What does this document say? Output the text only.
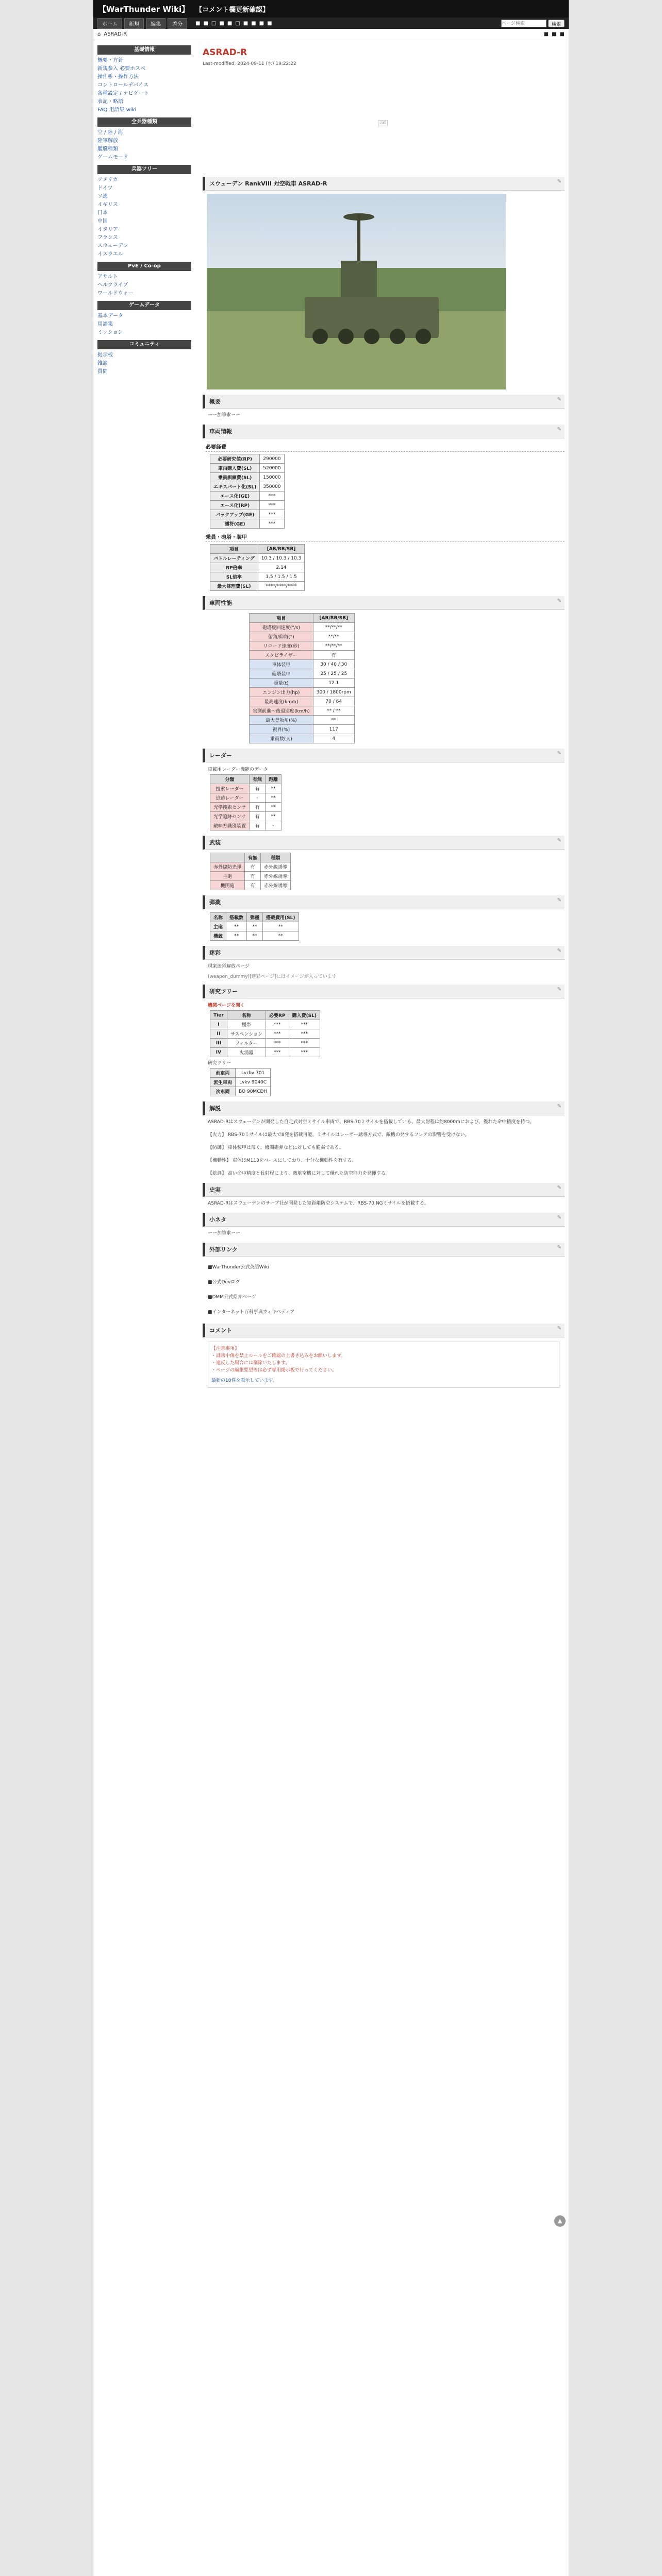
【WarThunder Wiki】 【コメント欄更新確認】
ホーム	新規	編集	差分	■ ■ □ ■ ■ □ ■ ■ ■ ■
ページ検索	検索
⌂ ASRAD-R	■ ■ ■
基礎情報
概要・方針
新規参入 必要ホスペ
操作系・操作方法
コントロールデバイス
各種設定 / ナビゲート
表記・略語
FAQ 用語集 wiki
全兵器種類
空 / 陸 / 海
陸軍解放
艦艇種類
ゲームモード
兵器ツリー
アメリカ
ドイツ
ソ連
イギリス
日本
中国
イタリア
フランス
スウェーデン
イスラエル
PvE / Co-op
アサルト
ヘルクライブ
ワールドウォー
ゲームデータ
基本データ
用語集
ミッション
コミュニティ
掲示板
雑談
質問
ASRAD-R
Last-modified: 2024-09-11 (水) 19:22:22
ad
スウェーデン RankVIII 対空戦車 ASRAD-R	✎
概要	✎
ーー加筆求ーー
車両情報	✎
必要経費
必要研究値(RP)	290000
車両購入費(SL)	520000
乗員訓練費(SL)	150000
エキスパート化(SL)	350000
エース化(GE)	***
エース化(RP)	***
バックアップ(GE)	***
護符(GE)	***
乗員・砲塔・装甲
項目	[AB/RB/SB]
バトルレーティング	10.3 / 10.3 / 10.3
RP倍率	2.14
SL倍率	1.5 / 1.5 / 1.5
最大修理費(SL)	****/****/****
車両性能	✎
項目	[AB/RB/SB]
砲塔旋回速度(°/s)	**/**/**
俯角/仰角(°)	**/**
リロード速度(秒)	**/**/**
スタビライザー	有
車体装甲	30 / 40 / 30
砲塔装甲	25 / 25 / 25
重量(t)	12.1
エンジン出力(hp)	300 / 1800rpm
最高速度(km/h)	70 / 64
実測前進～後退速度(km/h)	** / **
最大登坂角(%)	**
視界(%)	117
乗員数(人)	4
レーダー	✎
車載用レーダー機能のデータ
分類	有無	距離
捜索レーダー	有	**
追跡レーダー	-	**
光学捜索センサ	有	**
光学追跡センサ	有	**
敵味方識別装置	有	-
武装	✎
	有無	種類
赤外線防光弾	有	赤外線誘導
主砲	有	赤外線誘導
機関砲	有	赤外線誘導
弾薬	✎
名称	搭載数	弾種	搭載費用(SL)
主砲	**	**	**
機銃	**	**	**
迷彩	✎
現家迷彩解放ページ
(weapon_dummy)[迷彩ページ]にはイメージが入っています
研究ツリー	✎
機関ページを開く
Tier	名称	必要RP	購入費(SL)
I	履帯	***	***
II	サスペンション	***	***
III	フィルター	***	***
IV	火消器	***	***
研究ツリー
前車両	Lvrbv 701
派生車両	Lvkv 9040C
次車両	BO 90MCDH
解説	✎
ASRAD-Rはスウェーデンが開発した自走式対空ミサイル車両で、RBS-70ミサイルを搭載している。最大射程は約8000mにおよび、優れた命中精度を持つ。
【火力】 RBS-70ミサイルは最大で8発を搭載可能。ミサイルはレーザー誘導方式で、敵機の発するフレアの影響を受けない。
【防御】 車体装甲は薄く、機関砲弾などに対しても脆弱である。
【機動性】 車体はM113をベースにしており、十分な機動性を有する。
【総評】 高い命中精度と長射程により、敵航空機に対して優れた防空能力を発揮する。
史実	✎
ASRAD-Rはスウェーデンのサーブ社が開発した短距離防空システムで、RBS-70 NGミサイルを搭載する。
小ネタ	✎
ーー加筆求ーー
外部リンク	✎
■WarThunder公式英語Wiki
■公式Devログ
■DMM公式紹介ページ
■インターネット百科事典ウィキペディア
コメント	✎
【注意事項】
・誹謗中傷を禁止ルールをご確認の上書き込みをお願いします。
・違反した場合には削除いたします。
・ページの編集要望等は必ず専用掲示板で行ってください。
最新の10件を表示しています。
▲
